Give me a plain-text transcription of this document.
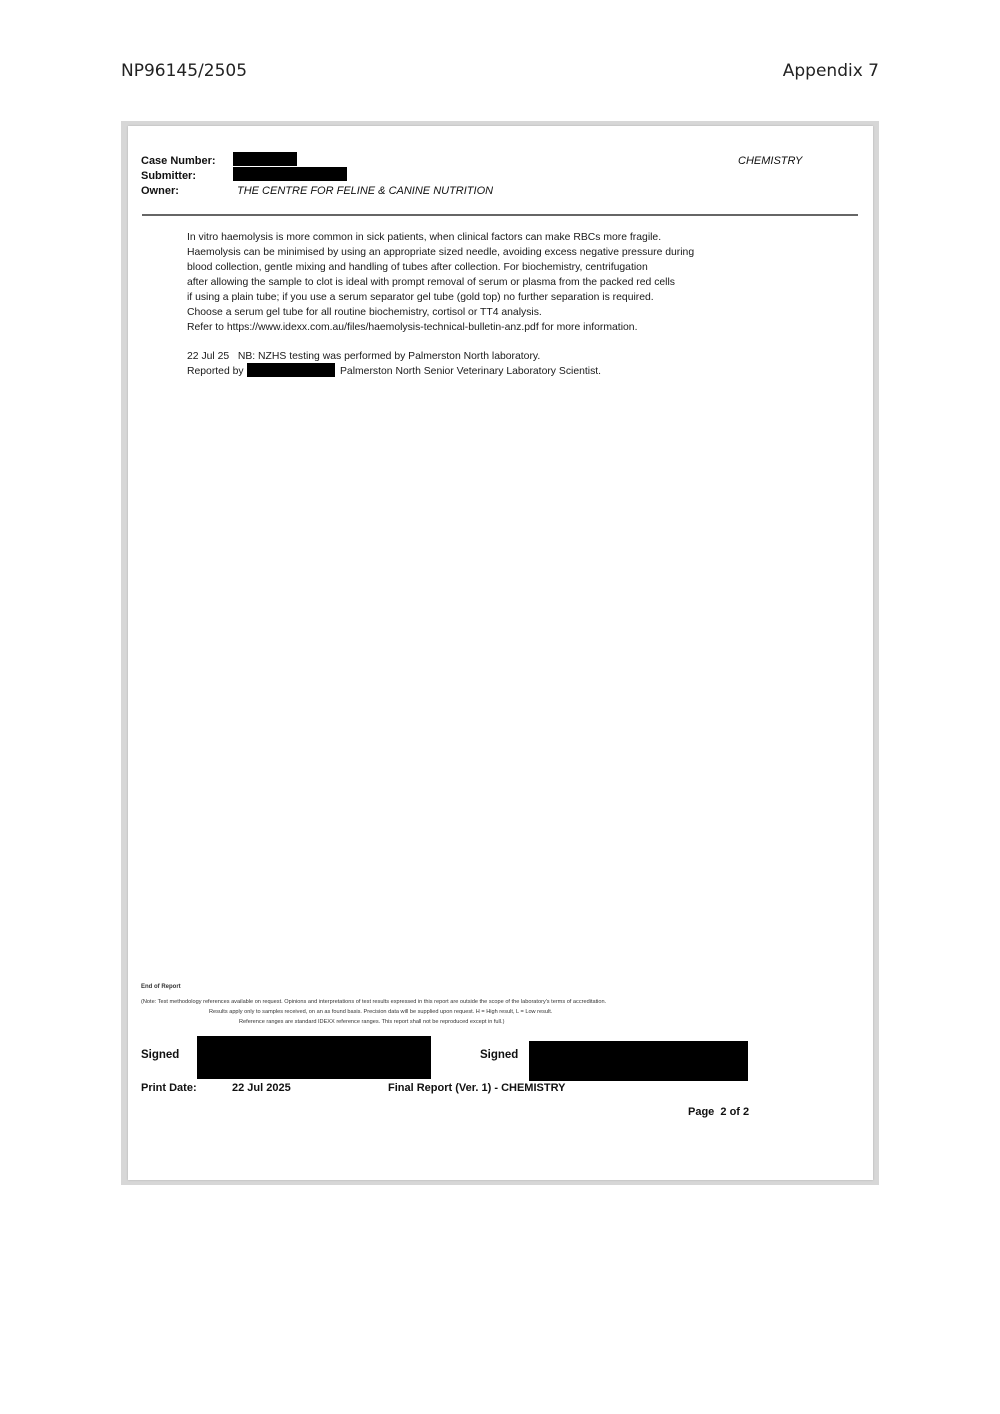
NP96145/2505	Appendix 7
Case Number:
Submitter:
Owner:	THE CENTRE FOR FELINE & CANINE NUTRITION
CHEMISTRY
In vitro haemolysis is more common in sick patients, when clinical factors can make RBCs more fragile.
Haemolysis can be minimised by using an appropriate sized needle, avoiding excess negative pressure during
blood collection, gentle mixing and handling of tubes after collection. For biochemistry, centrifugation
after allowing the sample to clot is ideal with prompt removal of serum or plasma from the packed red cells
if using a plain tube; if you use a serum separator gel tube (gold top) no further separation is required.
Choose a serum gel tube for all routine biochemistry, cortisol or TT4 analysis.
Refer to https://www.idexx.com.au/files/haemolysis-technical-bulletin-anz.pdf for more information.
22 Jul 25   NB: NZHS testing was performed by Palmerston North laboratory.
Reported by	Palmerston North Senior Veterinary Laboratory Scientist.
End of Report
(Note: Test methodology references available on request. Opinions and interpretations of test results expressed in this report are outside the scope of the laboratory's terms of accreditation.
Results apply only to samples received, on an as found basis. Precision data will be supplied upon request. H = High result, L = Low result.
Reference ranges are standard IDEXX reference ranges. This report shall not be reproduced except in full.)
Signed	Signed
Print Date:	22 Jul 2025	Final Report (Ver. 1) - CHEMISTRY
Page  2 of 2
